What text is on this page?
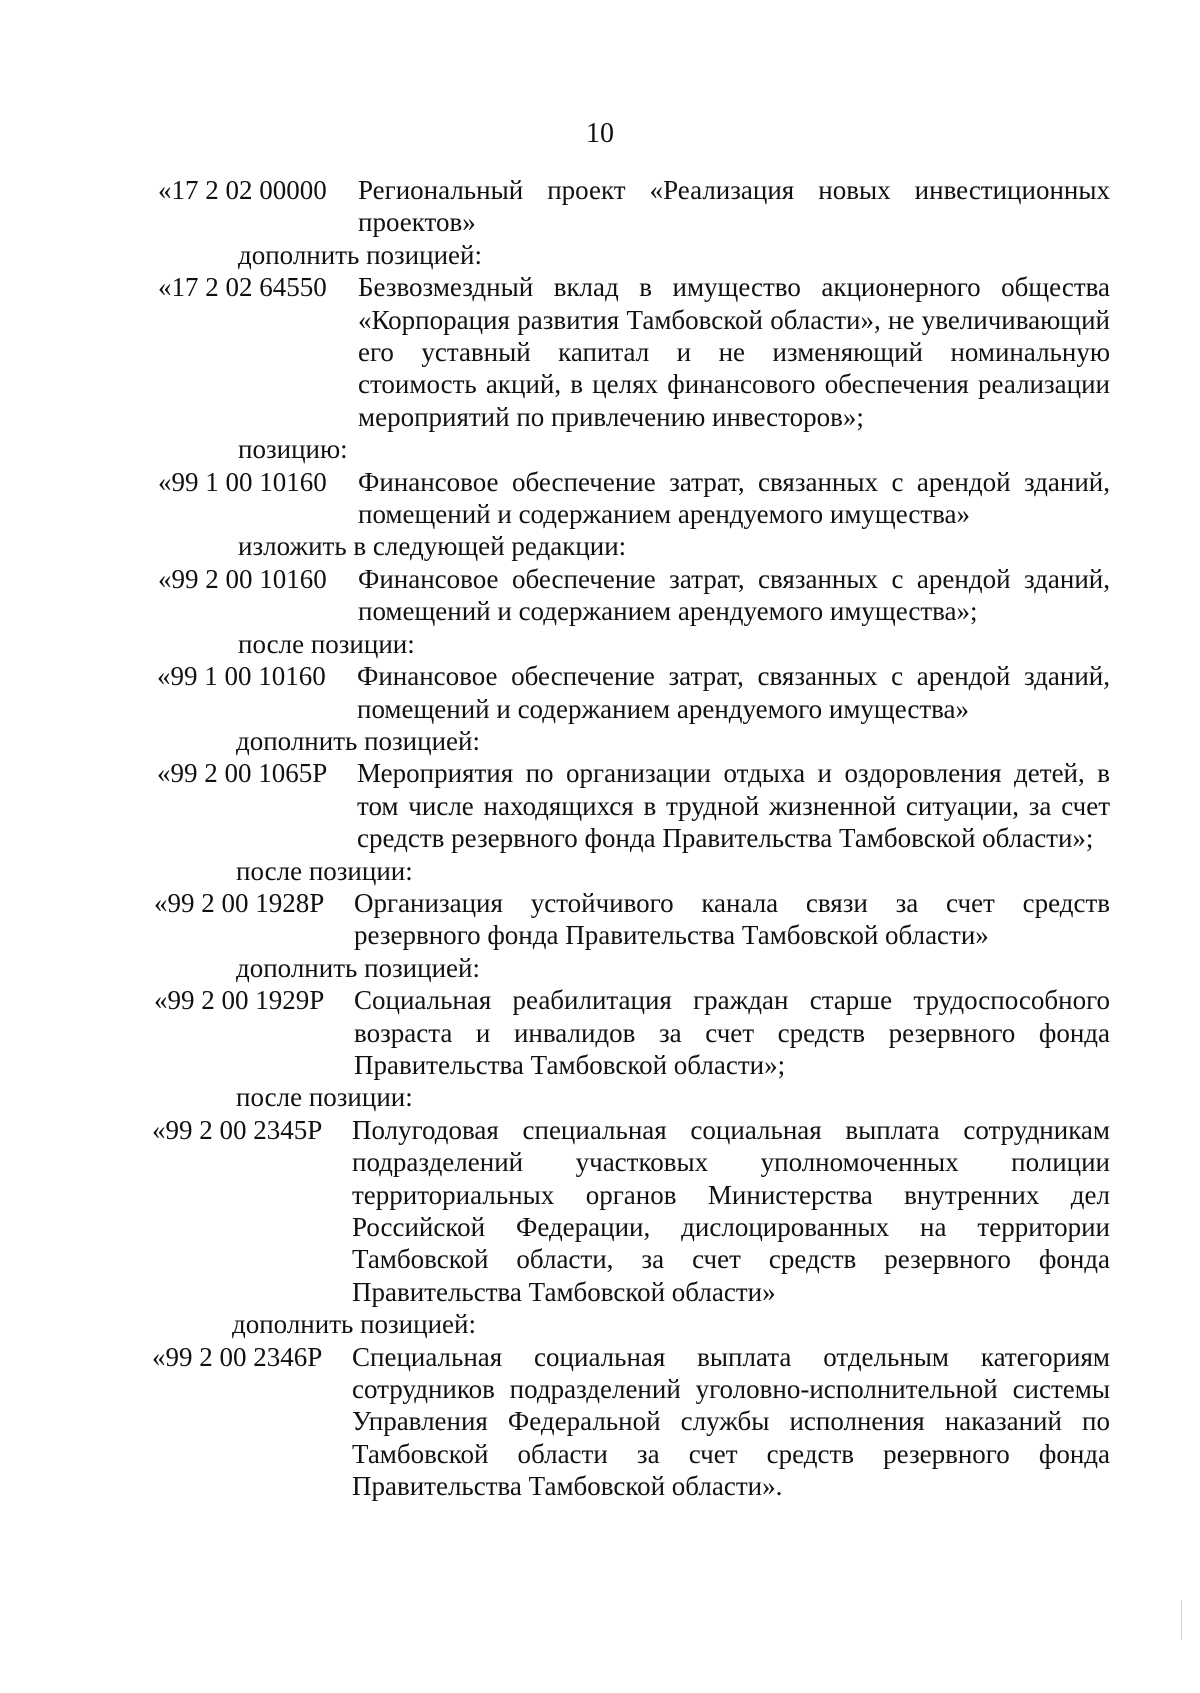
10
«17 2 02 00000	Региональный проект «Реализация новых инвестиционных проектов»
дополнить позицией:
«17 2 02 64550	Безвозмездный вклад в имущество акционерного общества «Корпорация развития Тамбовской области», не увеличивающий его уставный капитал и не изменяющий номинальную стоимость акций, в целях финансового обеспечения реализации мероприятий по привлечению инвесторов»;
позицию:
«99 1 00 10160	Финансовое обеспечение затрат, связанных с арендой зданий, помещений и содержанием арендуемого имущества»
изложить в следующей редакции:
«99 2 00 10160	Финансовое обеспечение затрат, связанных с арендой зданий, помещений и содержанием арендуемого имущества»;
после позиции:
«99 1 00 10160	Финансовое обеспечение затрат, связанных с арендой зданий, помещений и содержанием арендуемого имущества»
дополнить позицией:
«99 2 00 1065Р	Мероприятия по организации отдыха и оздоровления детей, в том числе находящихся в трудной жизненной ситуации, за счет средств резервного фонда Правительства Тамбовской области»;
после позиции:
«99 2 00 1928Р	Организация устойчивого канала связи за счет средств резервного фонда Правительства Тамбовской области»
дополнить позицией:
«99 2 00 1929Р	Социальная реабилитация граждан старше трудоспособного возраста и инвалидов за счет средств резервного фонда Правительства Тамбовской области»;
после позиции:
«99 2 00 2345Р	Полугодовая специальная социальная выплата сотрудникам подразделений участковых уполномоченных полиции территориальных органов Министерства внутренних дел Российской Федерации, дислоцированных на территории Тамбовской области, за счет средств резервного фонда Правительства Тамбовской области»
дополнить позицией:
«99 2 00 2346Р	Специальная социальная выплата отдельным категориям сотрудников подразделений уголовно-исполнительной системы Управления Федеральной службы исполнения наказаний по Тамбовской области за счет средств резервного фонда Правительства Тамбовской области».
